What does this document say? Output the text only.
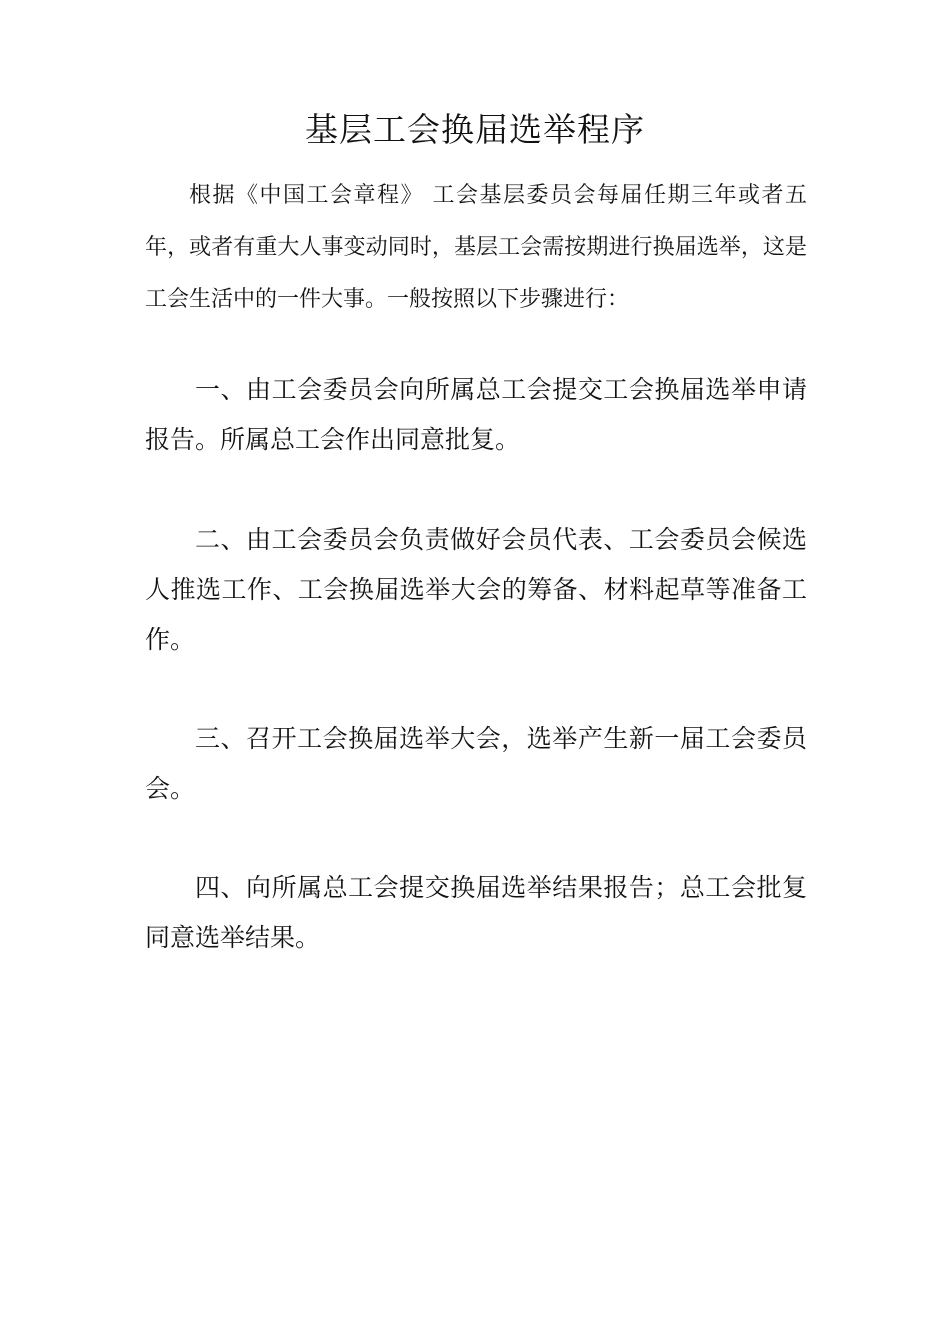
基层工会换届选举程序

根据《中国工会章程》 工会基层委员会每届任期三年或者五年，或者有重大人事变动同时，基层工会需按期进行换届选举，这是工会生活中的一件大事。一般按照以下步骤进行：

一、由工会委员会向所属总工会提交工会换届选举申请报告。所属总工会作出同意批复。

二、由工会委员会负责做好会员代表、工会委员会候选人推选工作、工会换届选举大会的筹备、材料起草等准备工作。

三、召开工会换届选举大会，选举产生新一届工会委员会。

四、向所属总工会提交换届选举结果报告；总工会批复同意选举结果。
